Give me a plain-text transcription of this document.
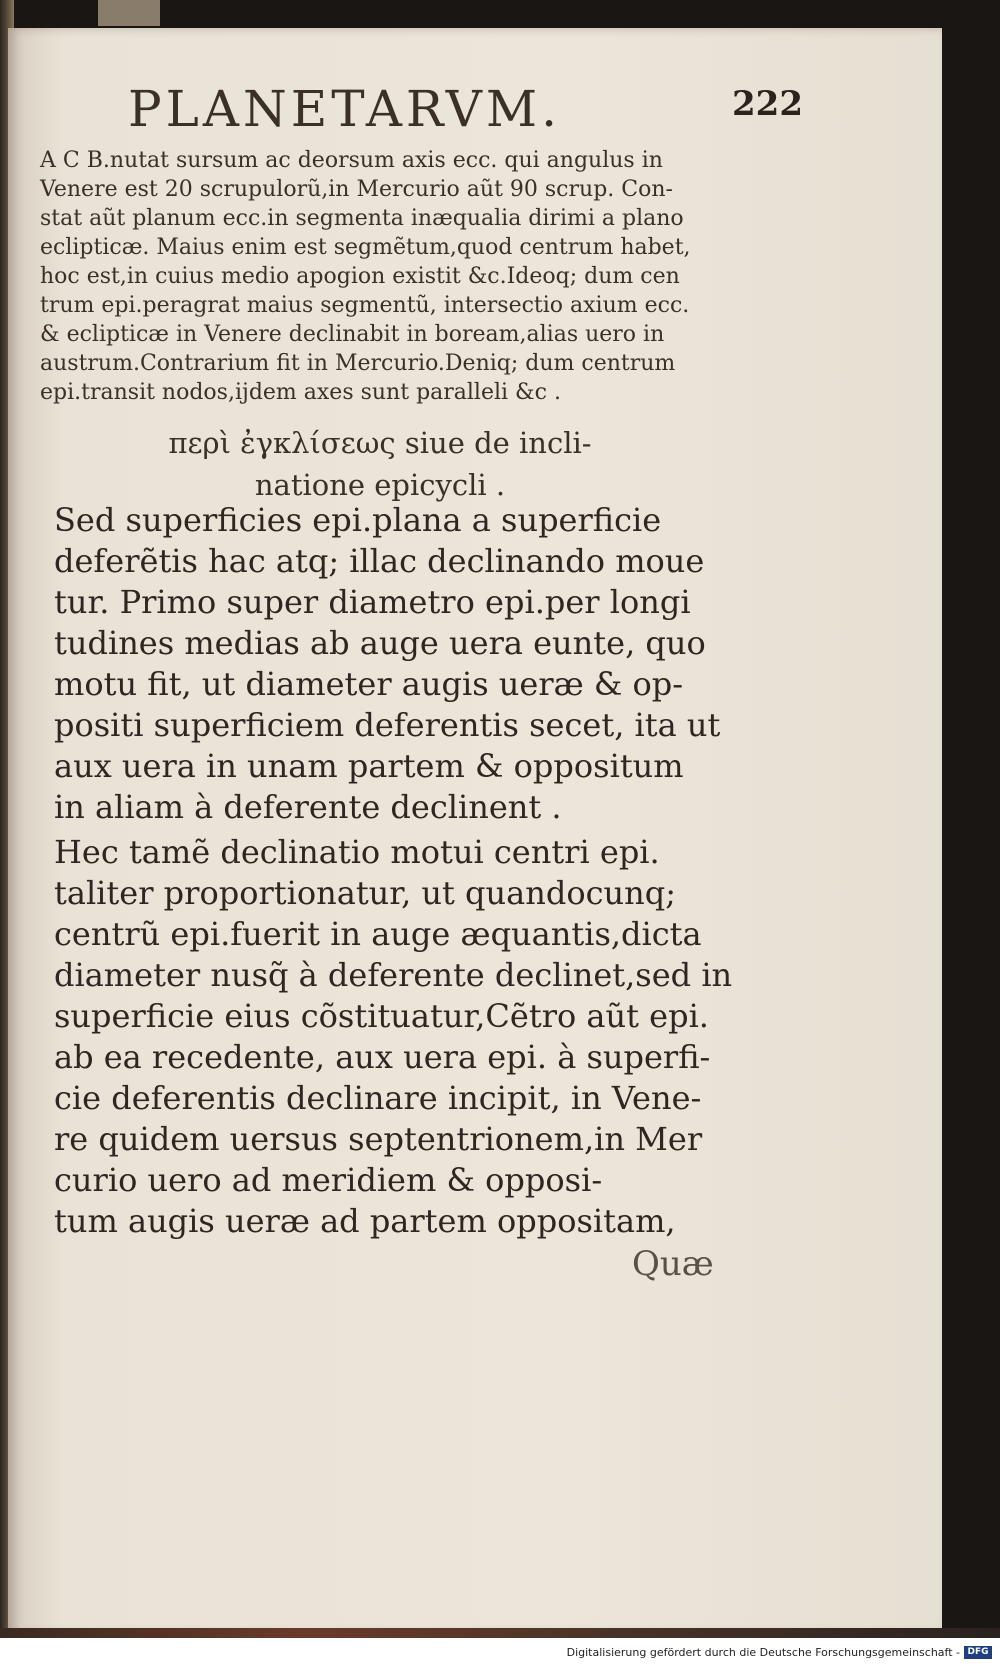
PLANETARVM.	222
A C B.nutat sursum ac deorsum axis ecc. qui angulus in
Venere est 20 scrupulorũ,in Mercurio aũt 90 scrup. Con-
stat aũt planum ecc.in segmenta inæqualia dirimi a plano
eclipticæ. Maius enim est segmẽtum,quod centrum habet,
hoc est,in cuius medio apogion existit &c.Ideoq; dum cen
trum epi.peragrat maius segmentũ, intersectio axium ecc.
& eclipticæ in Venere declinabit in boream,alias uero in
austrum.Contrarium fit in Mercurio.Deniq; dum centrum
epi.transit nodos,ijdem axes sunt paralleli &c .
περὶ ἐγκλίσεως siue de incli-
natione epicycli .
Sed superficies epi.plana a superficie
deferẽtis hac atq; illac declinando moue
tur. Primo super diametro epi.per longi
tudines medias ab auge uera eunte, quo
motu fit, ut diameter augis ueræ & op-
positi superficiem deferentis secet, ita ut
aux uera in unam partem & oppositum
in aliam à deferente declinent .
Hec tamẽ declinatio motui centri epi.
taliter proportionatur, ut quandocunq;
centrũ epi.fuerit in auge æquantis,dicta
diameter nusq̃ à deferente declinet,sed in
superficie eius cõstituatur,Cẽtro aũt epi.
ab ea recedente, aux uera epi. à superfi-
cie deferentis declinare incipit, in Vene-
re quidem uersus septentrionem,in Mer
curio uero ad meridiem & opposi-
tum augis ueræ ad partem oppositam,
Quæ
Digitalisierung gefördert durch die Deutsche Forschungsgemeinschaft - DFG
